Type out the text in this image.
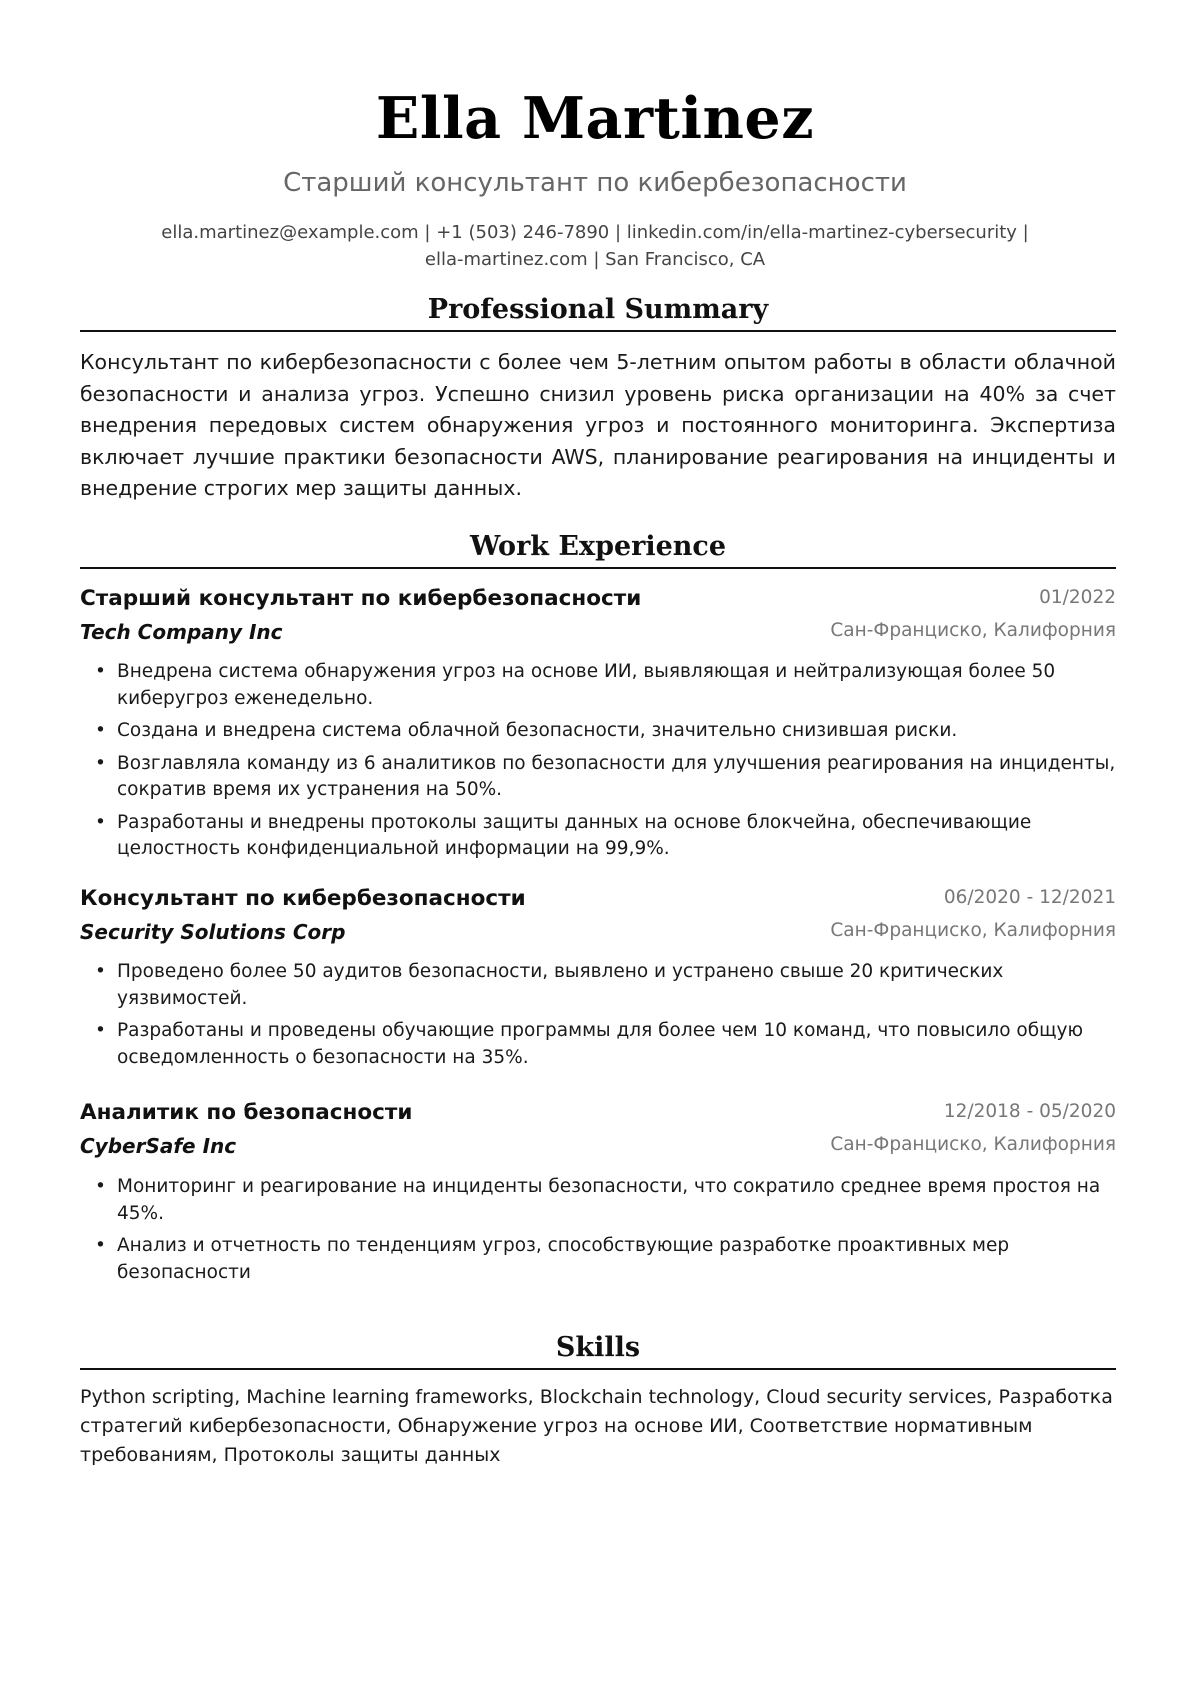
Ella Martinez
Старший консультант по кибербезопасности
ella.martinez@example.com | +1 (503) 246-7890 | linkedin.com/in/ella-martinez-cybersecurity |
ella-martinez.com | San Francisco, CA
Professional Summary
Консультант по кибербезопасности с более чем 5-летним опытом работы в области облачной безопасности и анализа угроз. Успешно снизил уровень риска организации на 40% за счет внедрения передовых систем обнаружения угроз и постоянного мониторинга. Экспертиза включает лучшие практики безопасности AWS, планирование реагирования на инциденты и внедрение строгих мер защиты данных.
Work Experience
Старший консультант по кибербезопасности	01/2022
Tech Company Inc	Сан-Франциско, Калифорния
• Внедрена система обнаружения угроз на основе ИИ, выявляющая и нейтрализующая более 50 киберугроз еженедельно.
• Создана и внедрена система облачной безопасности, значительно снизившая риски.
• Возглавляла команду из 6 аналитиков по безопасности для улучшения реагирования на инциденты, сократив время их устранения на 50%.
• Разработаны и внедрены протоколы защиты данных на основе блокчейна, обеспечивающие целостность конфиденциальной информации на 99,9%.
Консультант по кибербезопасности	06/2020 - 12/2021
Security Solutions Corp	Сан-Франциско, Калифорния
• Проведено более 50 аудитов безопасности, выявлено и устранено свыше 20 критических уязвимостей.
• Разработаны и проведены обучающие программы для более чем 10 команд, что повысило общую осведомленность о безопасности на 35%.
Аналитик по безопасности	12/2018 - 05/2020
CyberSafe Inc	Сан-Франциско, Калифорния
• Мониторинг и реагирование на инциденты безопасности, что сократило среднее время простоя на 45%.
• Анализ и отчетность по тенденциям угроз, способствующие разработке проактивных мер безопасности
Skills
Python scripting, Machine learning frameworks, Blockchain technology, Cloud security services, Разработка стратегий кибербезопасности, Обнаружение угроз на основе ИИ, Соответствие нормативным требованиям, Протоколы защиты данных
